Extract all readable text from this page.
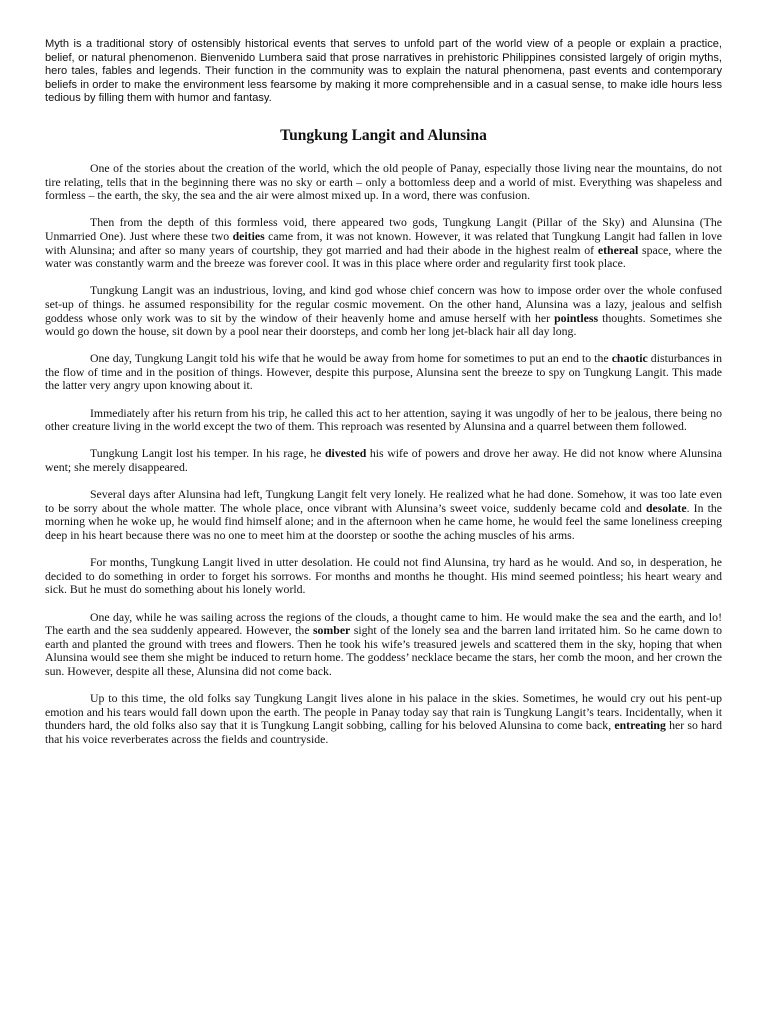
Myth is a traditional story of ostensibly historical events that serves to unfold part of the world view of a people or explain a practice, belief, or natural phenomenon. Bienvenido Lumbera said that prose narratives in prehistoric Philippines consisted largely of origin myths, hero tales, fables and legends. Their function in the community was to explain the natural phenomena, past events and contemporary beliefs in order to make the environment less fearsome by making it more comprehensible and in a casual sense, to make idle hours less tedious by filling them with humor and fantasy.

Tungkung Langit and Alunsina

One of the stories about the creation of the world, which the old people of Panay, especially those living near the mountains, do not tire relating, tells that in the beginning there was no sky or earth – only a bottomless deep and a world of mist. Everything was shapeless and formless – the earth, the sky, the sea and the air were almost mixed up. In a word, there was confusion.

Then from the depth of this formless void, there appeared two gods, Tungkung Langit (Pillar of the Sky) and Alunsina (The Unmarried One). Just where these two deities came from, it was not known. However, it was related that Tungkung Langit had fallen in love with Alunsina; and after so many years of courtship, they got married and had their abode in the highest realm of ethereal space, where the water was constantly warm and the breeze was forever cool. It was in this place where order and regularity first took place.

Tungkung Langit was an industrious, loving, and kind god whose chief concern was how to impose order over the whole confused set-up of things. he assumed responsibility for the regular cosmic movement. On the other hand, Alunsina was a lazy, jealous and selfish goddess whose only work was to sit by the window of their heavenly home and amuse herself with her pointless thoughts. Sometimes she would go down the house, sit down by a pool near their doorsteps, and comb her long jet-black hair all day long.

One day, Tungkung Langit told his wife that he would be away from home for sometimes to put an end to the chaotic disturbances in the flow of time and in the position of things. However, despite this purpose, Alunsina sent the breeze to spy on Tungkung Langit. This made the latter very angry upon knowing about it.

Immediately after his return from his trip, he called this act to her attention, saying it was ungodly of her to be jealous, there being no other creature living in the world except the two of them. This reproach was resented by Alunsina and a quarrel between them followed.

Tungkung Langit lost his temper. In his rage, he divested his wife of powers and drove her away. He did not know where Alunsina went; she merely disappeared.

Several days after Alunsina had left, Tungkung Langit felt very lonely. He realized what he had done. Somehow, it was too late even to be sorry about the whole matter. The whole place, once vibrant with Alunsina’s sweet voice, suddenly became cold and desolate. In the morning when he woke up, he would find himself alone; and in the afternoon when he came home, he would feel the same loneliness creeping deep in his heart because there was no one to meet him at the doorstep or soothe the aching muscles of his arms.

For months, Tungkung Langit lived in utter desolation. He could not find Alunsina, try hard as he would. And so, in desperation, he decided to do something in order to forget his sorrows. For months and months he thought. His mind seemed pointless; his heart weary and sick. But he must do something about his lonely world.

One day, while he was sailing across the regions of the clouds, a thought came to him. He would make the sea and the earth, and lo! The earth and the sea suddenly appeared. However, the somber sight of the lonely sea and the barren land irritated him. So he came down to earth and planted the ground with trees and flowers. Then he took his wife’s treasured jewels and scattered them in the sky, hoping that when Alunsina would see them she might be induced to return home. The goddess’ necklace became the stars, her comb the moon, and her crown the sun. However, despite all these, Alunsina did not come back.

Up to this time, the old folks say Tungkung Langit lives alone in his palace in the skies. Sometimes, he would cry out his pent-up emotion and his tears would fall down upon the earth. The people in Panay today say that rain is Tungkung Langit’s tears. Incidentally, when it thunders hard, the old folks also say that it is Tungkung Langit sobbing, calling for his beloved Alunsina to come back, entreating her so hard that his voice reverberates across the fields and countryside.
